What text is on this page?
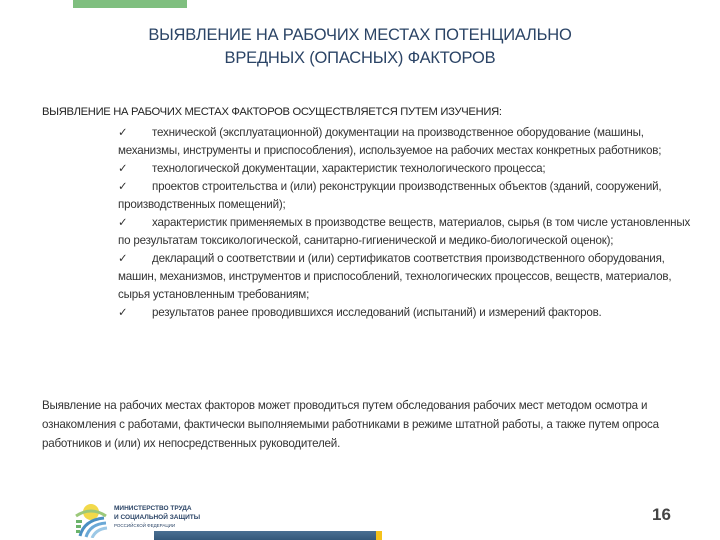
ВЫЯВЛЕНИЕ НА РАБОЧИХ МЕСТАХ ПОТЕНЦИАЛЬНО
ВРЕДНЫХ (ОПАСНЫХ) ФАКТОРОВ
ВЫЯВЛЕНИЕ НА РАБОЧИХ МЕСТАХ ФАКТОРОВ ОСУЩЕСТВЛЯЕТСЯ ПУТЕМ ИЗУЧЕНИЯ:
✓ технической (эксплуатационной) документации на производственное оборудование (машины, механизмы, инструменты и приспособления), используемое на рабочих местах конкретных работников;
✓ технологической документации, характеристик технологического процесса;
✓ проектов строительства и (или) реконструкции производственных объектов (зданий, сооружений, производственных помещений);
✓ характеристик применяемых в производстве веществ, материалов, сырья (в том числе установленных по результатам токсикологической, санитарно-гигиенической и медико-биологической оценок);
✓ деклараций о соответствии и (или) сертификатов соответствия производственного оборудования, машин, механизмов, инструментов и приспособлений, технологических процессов, веществ, материалов, сырья установленным требованиям;
✓ результатов ранее проводившихся исследований (испытаний) и измерений факторов.
Выявление на рабочих местах факторов может проводиться путем обследования рабочих мест методом осмотра и ознакомления с работами, фактически выполняемыми работниками в режиме штатной работы, а также путем опроса работников и (или) их непосредственных руководителей.
МИНИСТЕРСТВО ТРУДА
И СОЦИАЛЬНОЙ ЗАЩИТЫ
РОССИЙСКОЙ ФЕДЕРАЦИИ
16
